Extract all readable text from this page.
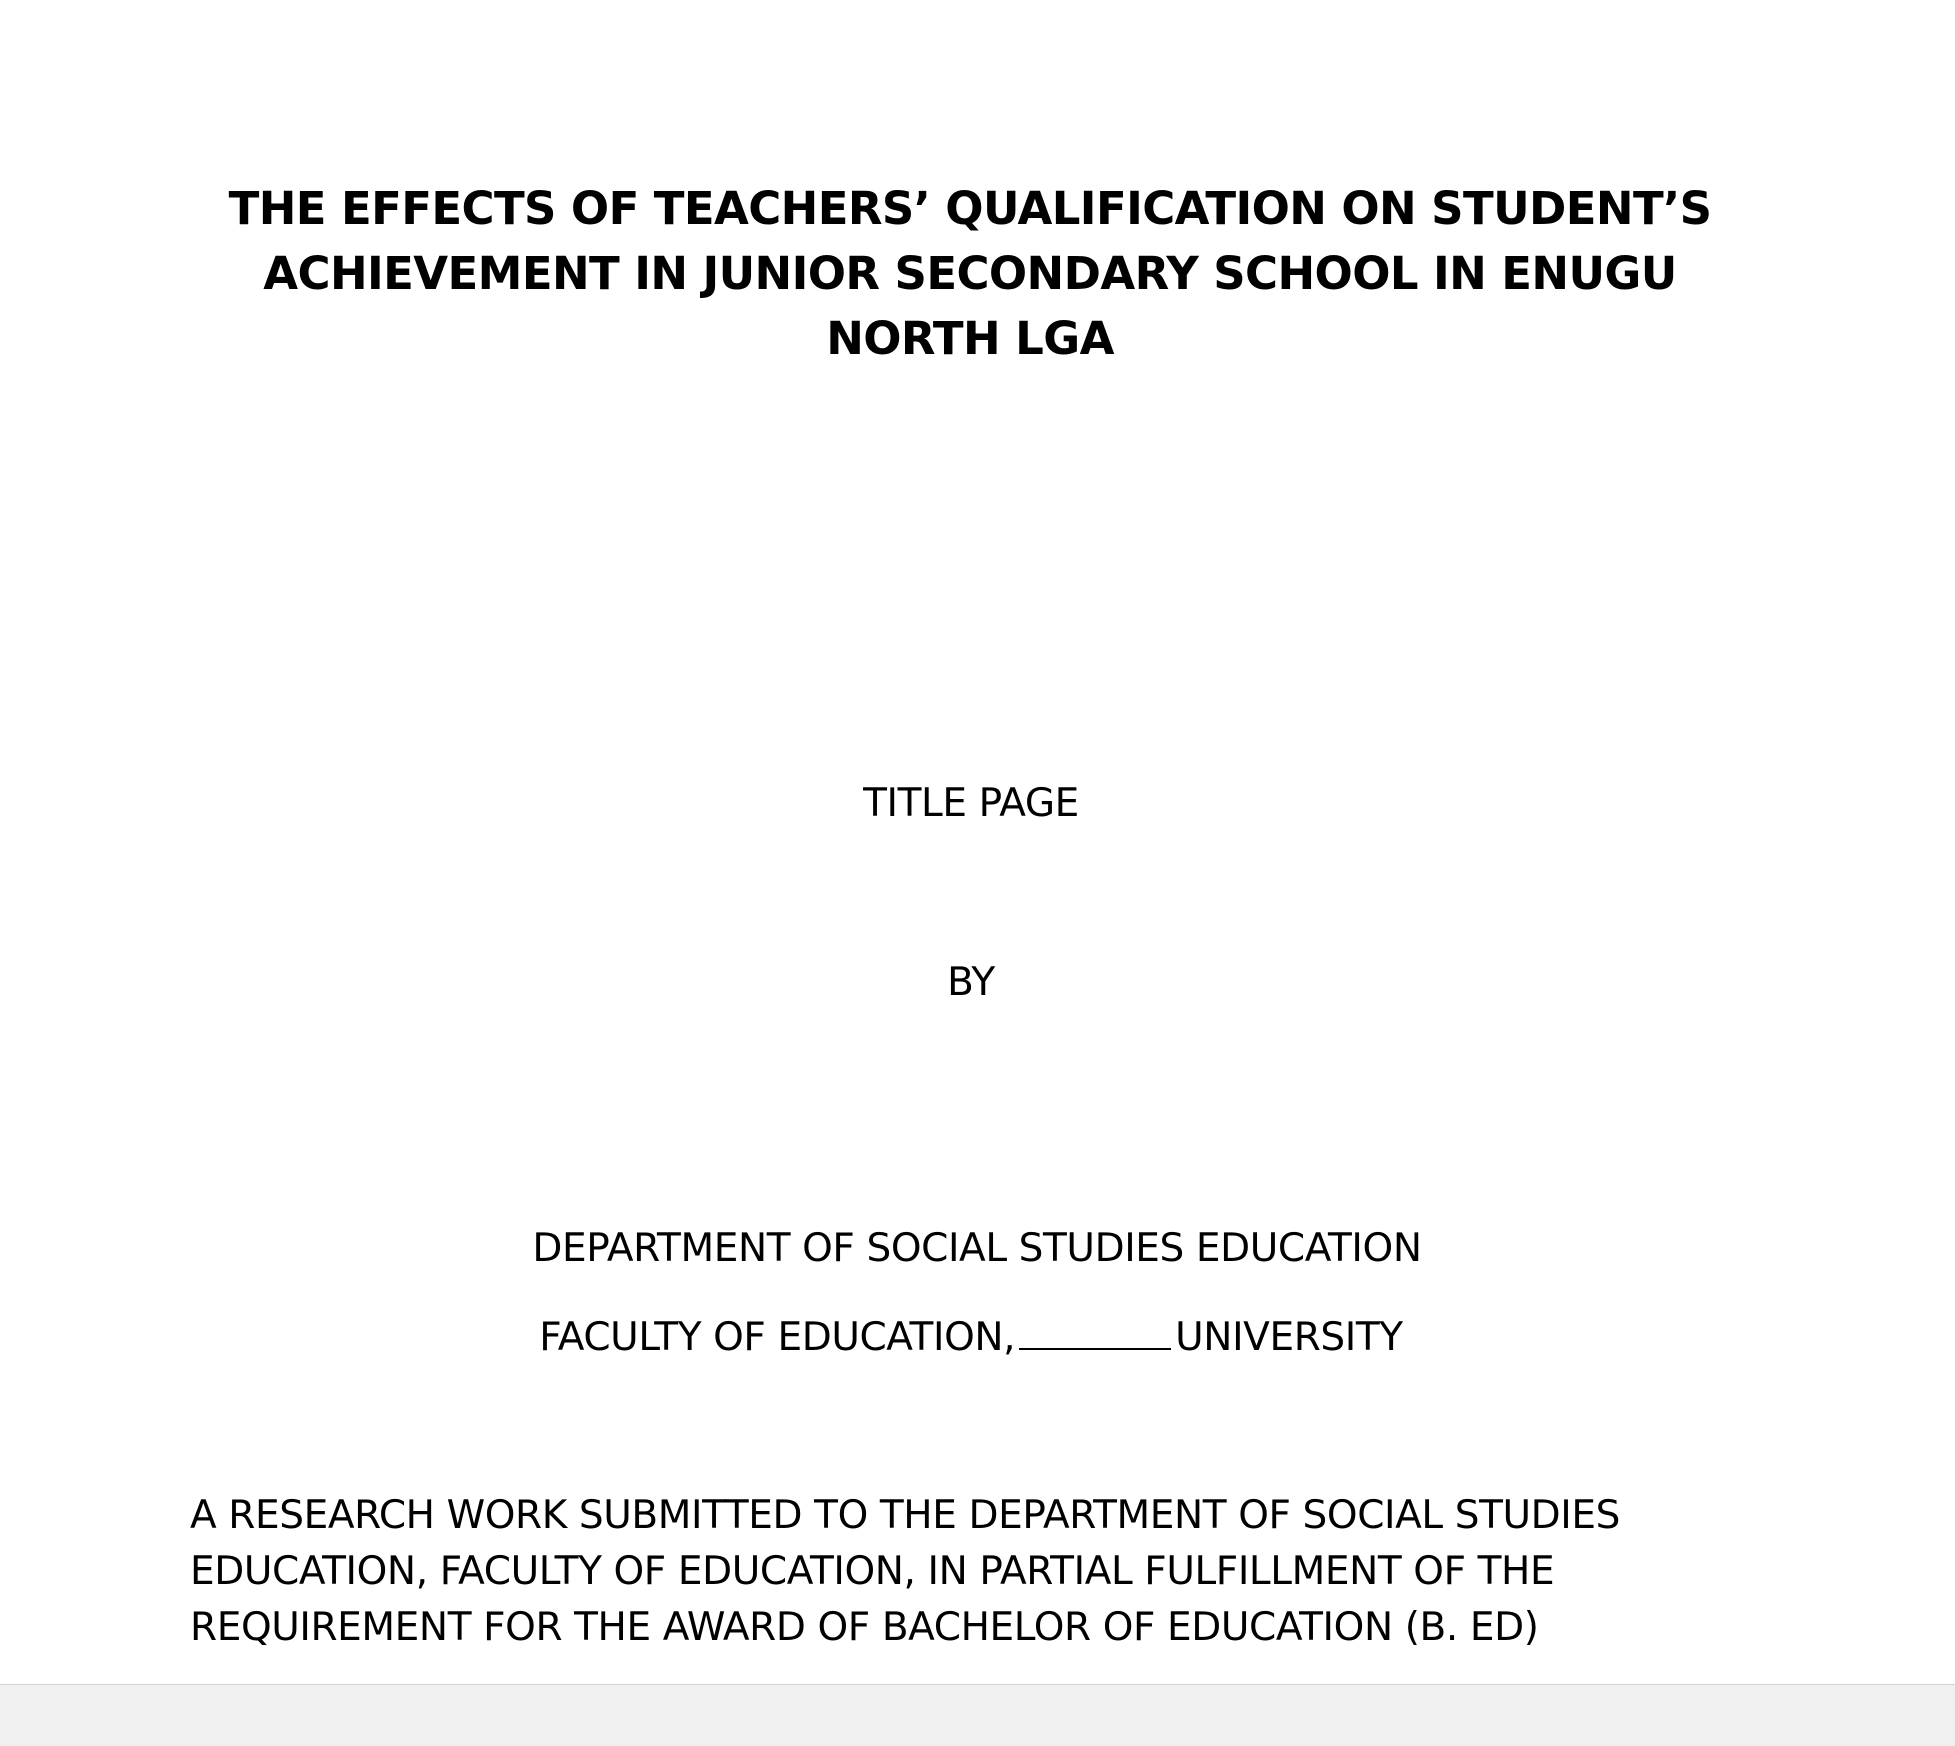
THE EFFECTS OF TEACHERS’ QUALIFICATION ON STUDENT’S
ACHIEVEMENT IN JUNIOR SECONDARY SCHOOL IN ENUGU
NORTH LGA

TITLE PAGE

BY

DEPARTMENT OF SOCIAL STUDIES EDUCATION

FACULTY OF EDUCATION,	UNIVERSITY

A RESEARCH WORK SUBMITTED TO THE DEPARTMENT OF SOCIAL STUDIES
EDUCATION, FACULTY OF EDUCATION, IN PARTIAL FULFILLMENT OF THE
REQUIREMENT FOR THE AWARD OF BACHELOR OF EDUCATION (B. ED)
